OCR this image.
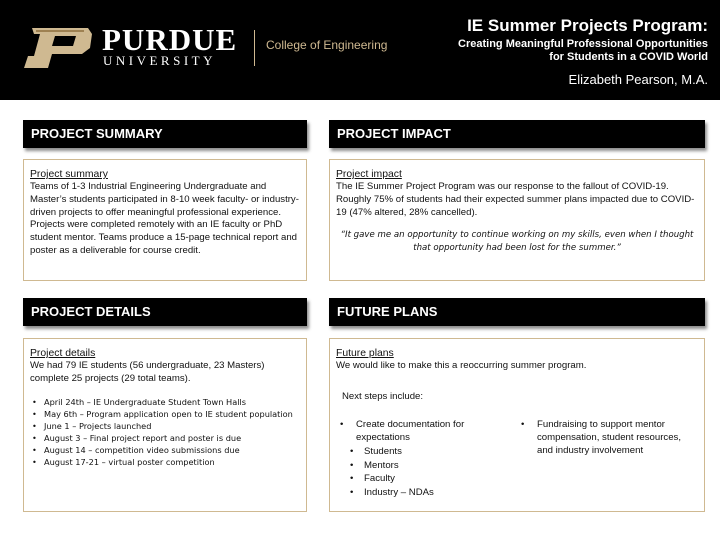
PURDUE
UNIVERSITY
College of Engineering
IE Summer Projects Program:
Creating Meaningful Professional Opportunities
for Students in a COVID World
Elizabeth Pearson, M.A.
PROJECT SUMMARY
Project summary
Teams of 1-3 Industrial Engineering Undergraduate and Master’s students participated in 8-10 week faculty- or industry-driven projects to offer meaningful professional experience. Projects were completed remotely with an IE faculty or PhD student mentor. Teams produce a 15-page technical report and poster as a deliverable for course credit.
PROJECT IMPACT
Project impact
The IE Summer Project Program was our response to the fallout of COVID-19. Roughly 75% of students had their expected summer plans impacted due to COVID-19 (47% altered, 28% cancelled).
“It gave me an opportunity to continue working on my skills, even when I thought that opportunity had been lost for the summer.”
PROJECT DETAILS
Project details
We had 79 IE students (56 undergraduate, 23 Masters) complete 25 projects (29 total teams).
• April 24th – IE Undergraduate Student Town Halls
• May 6th – Program application open to IE student population
• June 1 – Projects launched
• August 3 – Final project report and poster is due
• August 14 – competition video submissions due
• August 17-21 – virtual poster competition
FUTURE PLANS
Future plans
We would like to make this a reoccurring summer program.
Next steps include:
• Create documentation for expectations
• Students
• Mentors
• Faculty
• Industry – NDAs
• Fundraising to support mentor compensation, student resources, and industry involvement
